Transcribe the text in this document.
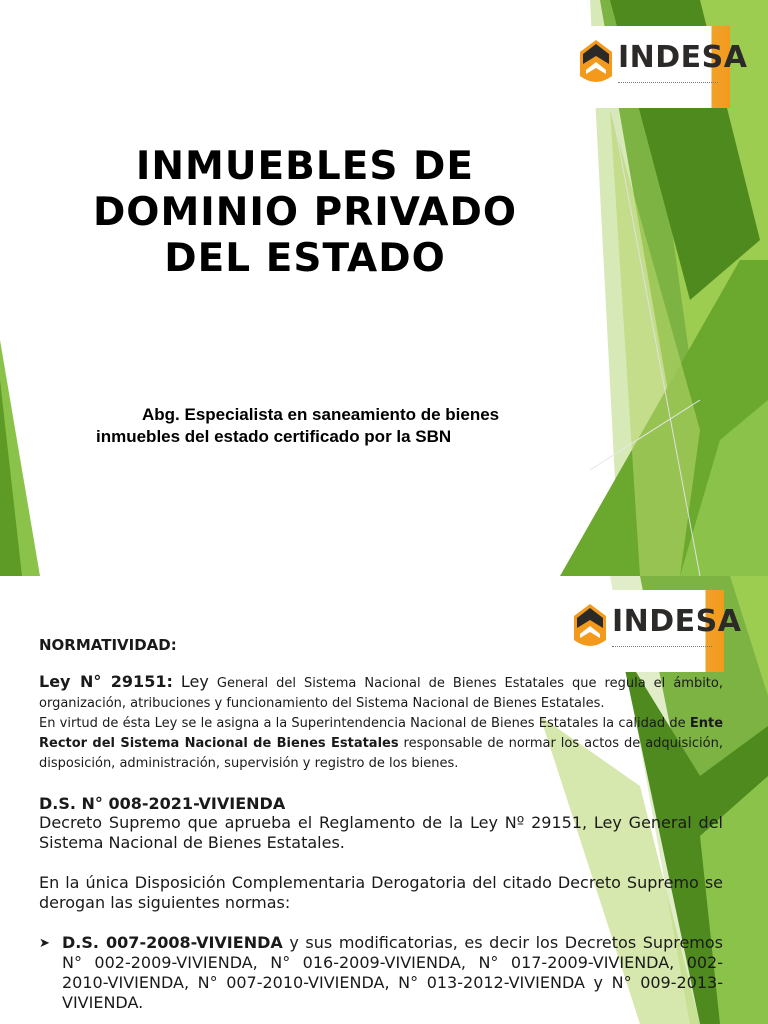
INDESA
INMUEBLES DE
DOMINIO PRIVADO
DEL ESTADO
Abg. Especialista en saneamiento de bienes
inmuebles del estado certificado por la SBN
INDESA

NORMATIVIDAD:

Ley N° 29151: Ley General del Sistema Nacional de Bienes Estatales que regula el ámbito, organización, atribuciones y funcionamiento del Sistema Nacional de Bienes Estatales.

En virtud de ésta Ley se le asigna a la Superintendencia Nacional de Bienes Estatales la calidad de Ente Rector del Sistema Nacional de Bienes Estatales responsable de normar los actos de adquisición, disposición, administración, supervisión y registro de los bienes.

D.S. N° 008-2021-VIVIENDA

Decreto Supremo que aprueba el Reglamento de la Ley Nº 29151, Ley General del Sistema Nacional de Bienes Estatales.

En la única Disposición Complementaria Derogatoria del citado Decreto Supremo se derogan las siguientes normas:

➤ D.S. 007-2008-VIVIENDA y sus modificatorias, es decir los Decretos Supremos N° 002-2009-VIVIENDA, N° 016-2009-VIVIENDA, N° 017-2009-VIVIENDA, 002-2010-VIVIENDA, N° 007-2010-VIVIENDA, N° 013-2012-VIVIENDA y N° 009-2013-VIVIENDA.
